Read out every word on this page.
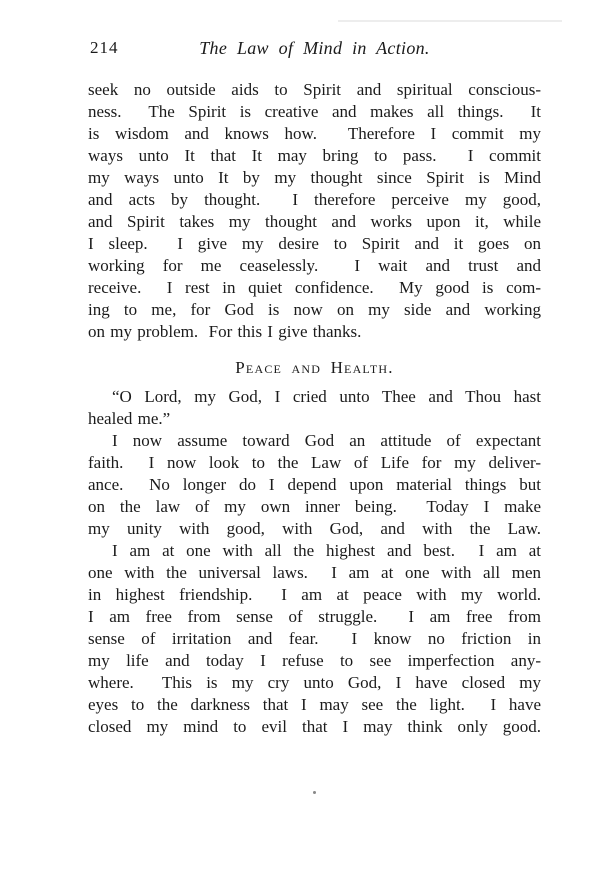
214	The Law of Mind in Action.
seek no outside aids to Spirit and spiritual conscious-
ness.  The Spirit is creative and makes all things.  It
is wisdom and knows how.  Therefore I commit my
ways unto It that It may bring to pass.  I commit
my ways unto It by my thought since Spirit is Mind
and acts by thought.  I therefore perceive my good,
and Spirit takes my thought and works upon it, while
I sleep.  I give my desire to Spirit and it goes on
working for me ceaselessly.  I wait and trust and
receive.  I rest in quiet confidence.  My good is com-
ing to me, for God is now on my side and working
on my problem.  For this I give thanks.
Peace and Health.
“O Lord, my God, I cried unto Thee and Thou hast
healed me.”
I now assume toward God an attitude of expectant
faith.  I now look to the Law of Life for my deliver-
ance.  No longer do I depend upon material things but
on the law of my own inner being.  Today I make
my unity with good, with God, and with the Law.
I am at one with all the highest and best.  I am at
one with the universal laws.  I am at one with all men
in highest friendship.  I am at peace with my world.
I am free from sense of struggle.  I am free from
sense of irritation and fear.  I know no friction in
my life and today I refuse to see imperfection any-
where.  This is my cry unto God, I have closed my
eyes to the darkness that I may see the light.  I have
closed my mind to evil that I may think only good.
